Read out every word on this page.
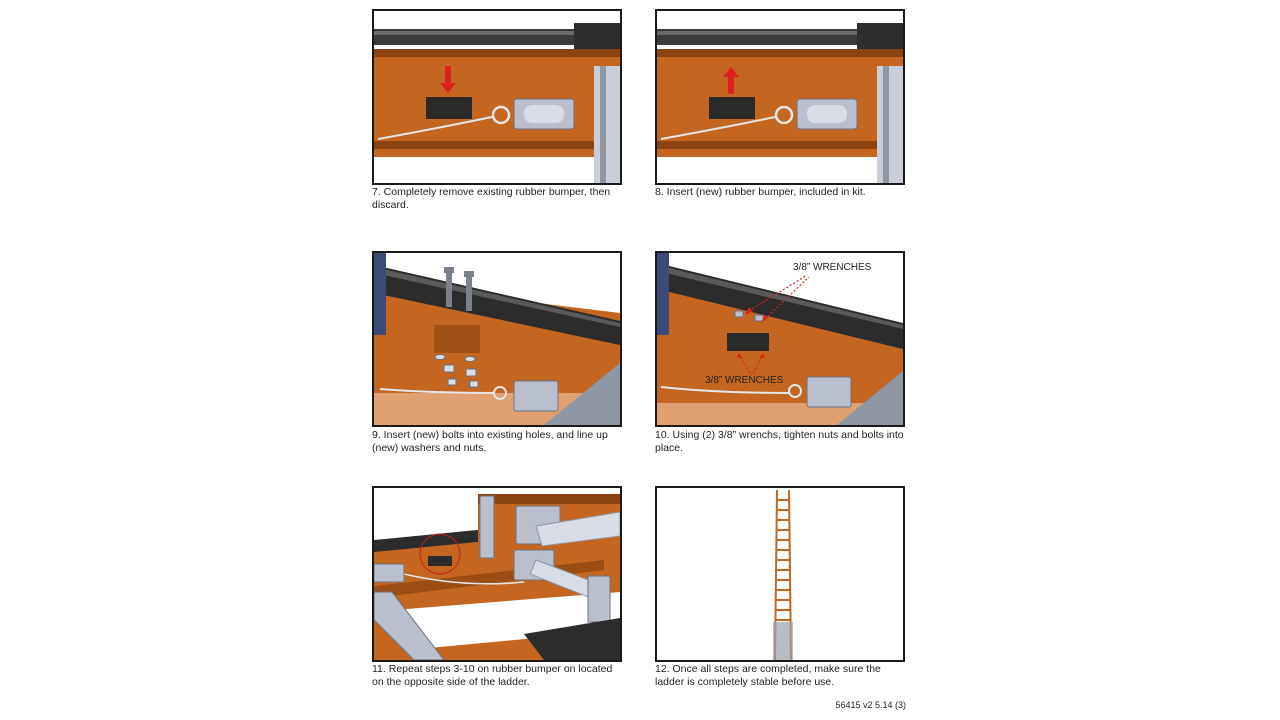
7. Completely remove existing rubber bumper, then discard.
8. Insert (new) rubber bumper, included in kit.
9. Insert (new) bolts into existing holes, and line up (new) washers and nuts.
3/8” WRENCHES
3/8” WRENCHES
10. Using (2) 3/8” wrenchs, tighten nuts and bolts into place.
11. Repeat steps 3-10 on rubber bumper on located on the opposite side of the ladder.
12. Once all steps are completed, make sure the ladder is completely stable before use.
56415 v2 5.14 (3)
